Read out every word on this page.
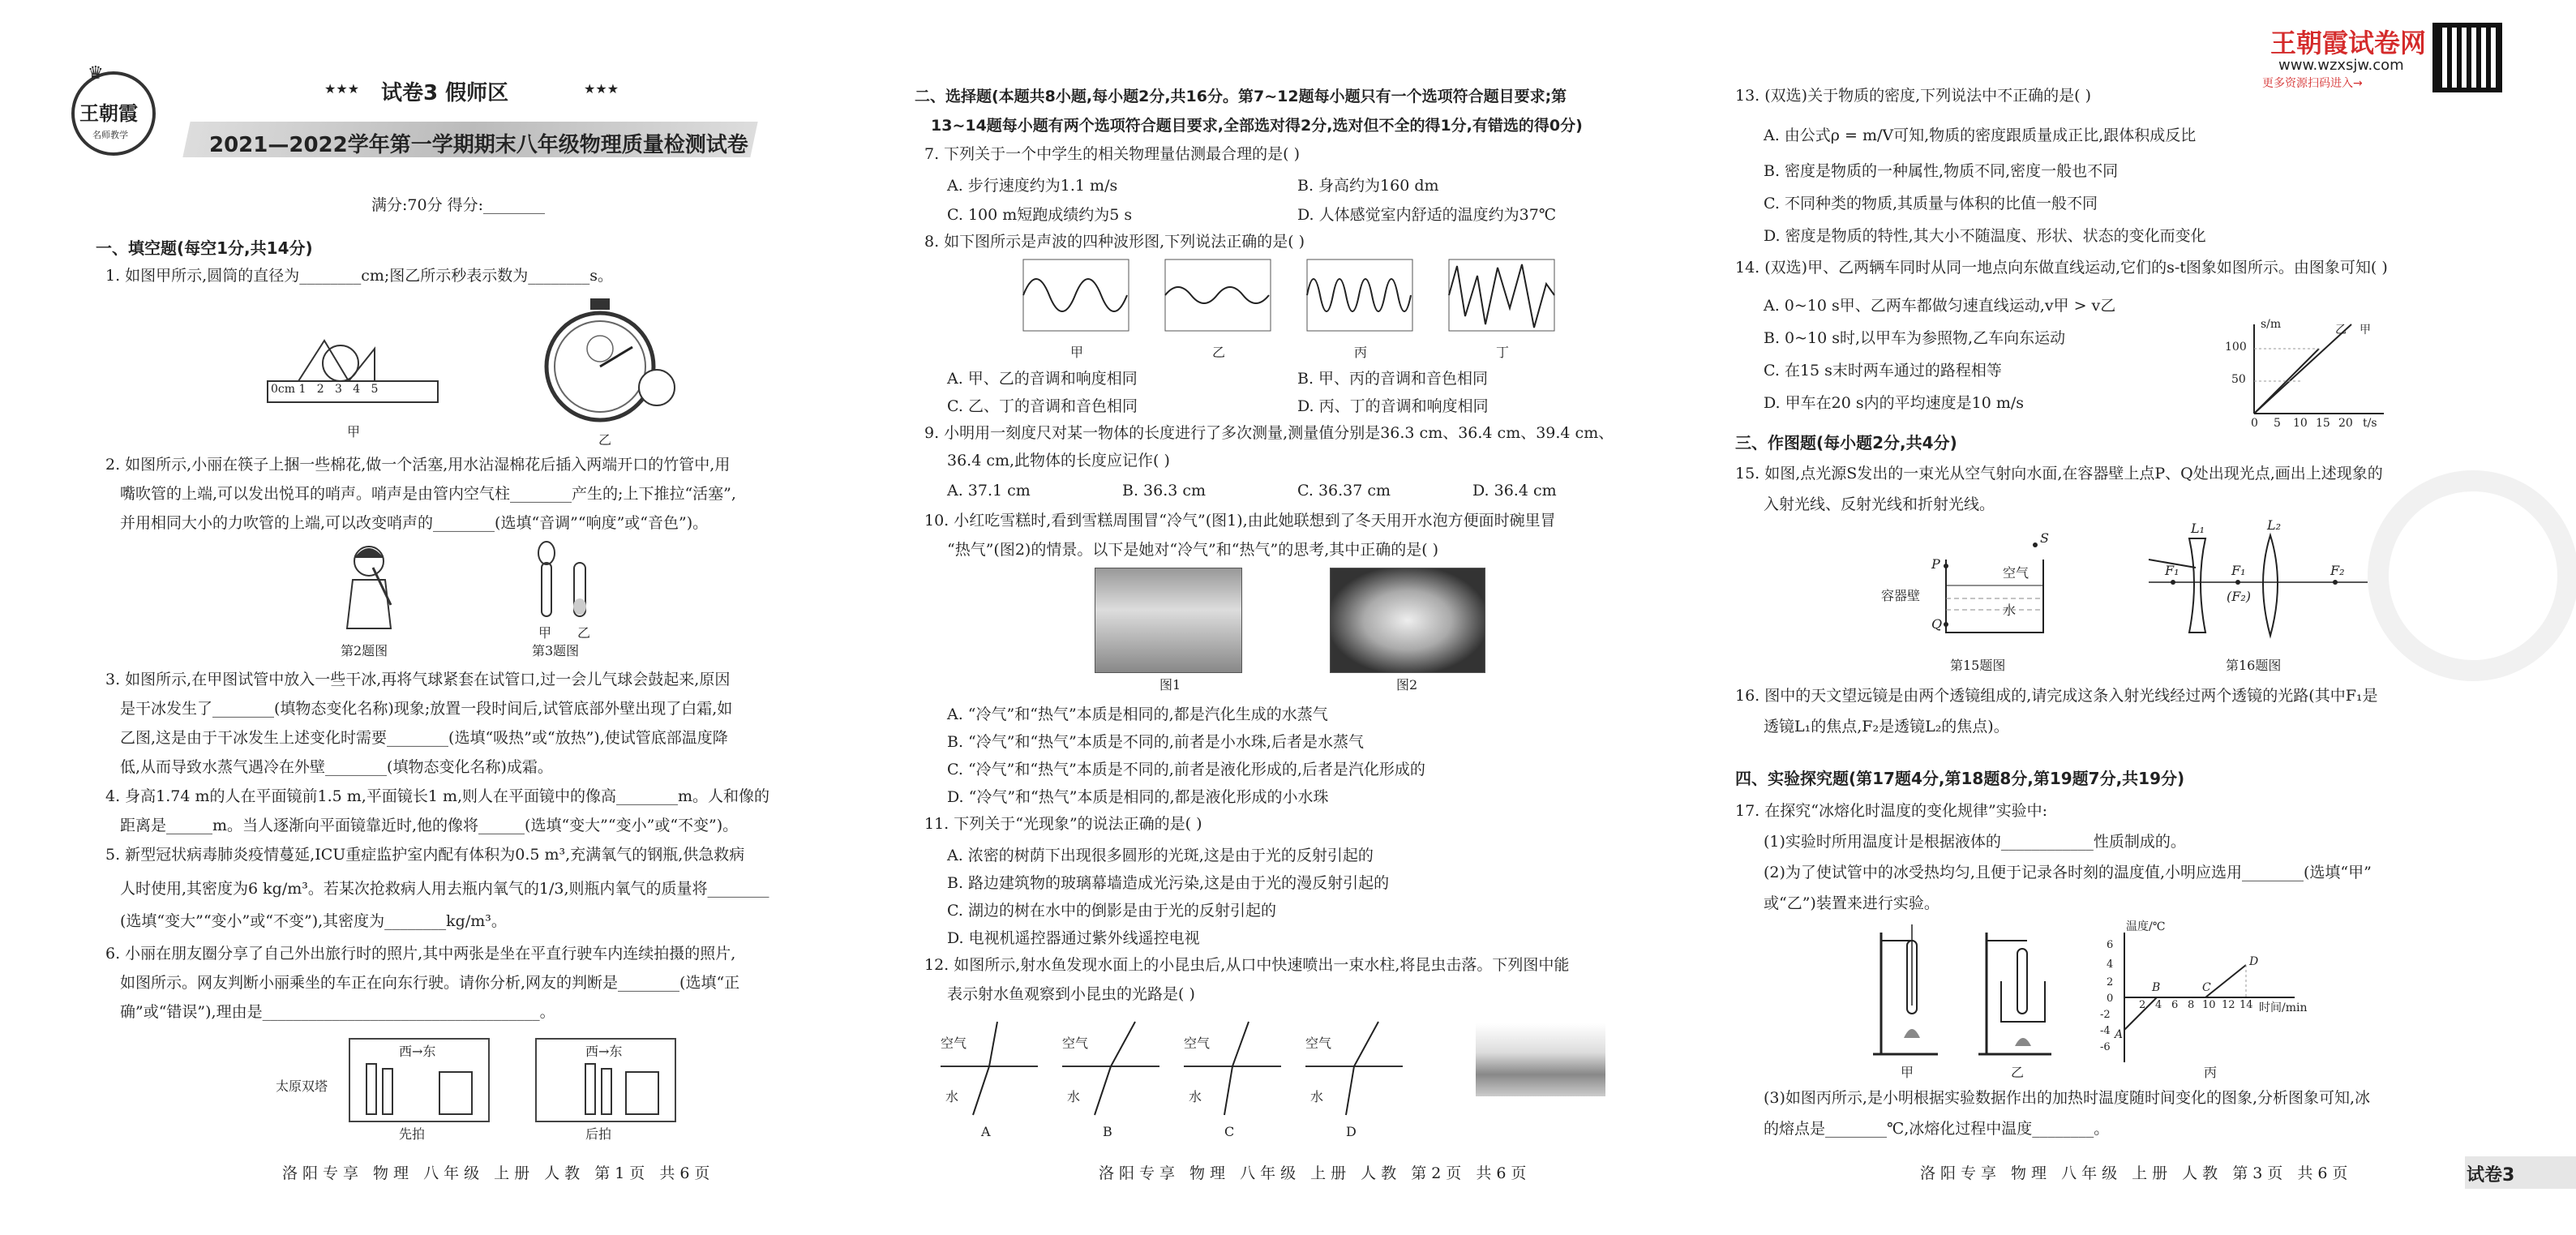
王朝霞
名师教学
♛
★★★ 试卷3 假师区	★★★
2021—2022学年第一学期期末八年级物理质量检测试卷
满分:70分 得分:________
一、填空题(每空1分,共14分)
1. 如图甲所示,圆筒的直径为________cm;图乙所示秒表示数为________s。
0cm 1   2   3   4   5
甲
乙
2. 如图所示,小丽在筷子上捆一些棉花,做一个活塞,用水沾湿棉花后插入两端开口的竹管中,用
嘴吹管的上端,可以发出悦耳的哨声。哨声是由管内空气柱________产生的;上下推拉“活塞”,
并用相同大小的力吹管的上端,可以改变哨声的________(选填“音调”“响度”或“音色”)。
第2题图
甲 乙
第3题图
3. 如图所示,在甲图试管中放入一些干冰,再将气球紧套在试管口,过一会儿气球会鼓起来,原因
是干冰发生了________(填物态变化名称)现象;放置一段时间后,试管底部外壁出现了白霜,如
乙图,这是由于干冰发生上述变化时需要________(选填“吸热”或“放热”),使试管底部温度降
低,从而导致水蒸气遇冷在外壁________(填物态变化名称)成霜。
4. 身高1.74 m的人在平面镜前1.5 m,平面镜长1 m,则人在平面镜中的像高________m。人和像的
距离是______m。当人逐渐向平面镜靠近时,他的像将______(选填“变大”“变小”或“不变”)。
5. 新型冠状病毒肺炎疫情蔓延,ICU重症监护室内配有体积为0.5 m³,充满氧气的钢瓶,供急救病
人时使用,其密度为6 kg/m³。若某次抢救病人用去瓶内氧气的1/3,则瓶内氧气的质量将________
(选填“变大”“变小”或“不变”),其密度为________kg/m³。
6. 小丽在朋友圈分享了自己外出旅行时的照片,其中两张是坐在平直行驶车内连续拍摄的照片,
如图所示。网友判断小丽乘坐的车正在向东行驶。请你分析,网友的判断是________(选填“正
确”或“错误”),理由是____________________________________。
太原双塔
西→东	西→东
先拍	后拍
洛阳专享 物理 八年级 上册 人教 第1页 共6页
二、选择题(本题共8小题,每小题2分,共16分。第7~12题每小题只有一个选项符合题目要求;第
13~14题每小题有两个选项符合题目要求,全部选对得2分,选对但不全的得1分,有错选的得0分)
7. 下列关于一个中学生的相关物理量估测最合理的是( )
A. 步行速度约为1.1 m/s	B. 身高约为160 dm
C. 100 m短跑成绩约为5 s	D. 人体感觉室内舒适的温度约为37℃
8. 如下图所示是声波的四种波形图,下列说法正确的是( )
甲	乙	丙	丁
A. 甲、乙的音调和响度相同	B. 甲、丙的音调和音色相同
C. 乙、丁的音调和音色相同	D. 丙、丁的音调和响度相同
9. 小明用一刻度尺对某一物体的长度进行了多次测量,测量值分别是36.3 cm、36.4 cm、39.4 cm、
36.4 cm,此物体的长度应记作( )
A. 37.1 cm	B. 36.3 cm	C. 36.37 cm	D. 36.4 cm
10. 小红吃雪糕时,看到雪糕周围冒“冷气”(图1),由此她联想到了冬天用开水泡方便面时碗里冒
“热气”(图2)的情景。以下是她对“冷气”和“热气”的思考,其中正确的是( )
图1	图2
A. “冷气”和“热气”本质是相同的,都是汽化生成的水蒸气
B. “冷气”和“热气”本质是不同的,前者是小水珠,后者是水蒸气
C. “冷气”和“热气”本质是不同的,前者是液化形成的,后者是汽化形成的
D. “冷气”和“热气”本质是相同的,都是液化形成的小水珠
11. 下列关于“光现象”的说法正确的是( )
A. 浓密的树荫下出现很多圆形的光斑,这是由于光的反射引起的
B. 路边建筑物的玻璃幕墙造成光污染,这是由于光的漫反射引起的
C. 湖边的树在水中的倒影是由于光的反射引起的
D. 电视机遥控器通过紫外线遥控电视
12. 如图所示,射水鱼发现水面上的小昆虫后,从口中快速喷出一束水柱,将昆虫击落。下列图中能
表示射水鱼观察到小昆虫的光路是( )
空气
水
空气
水
空气
水
空气
水
A	B	C	D
洛阳专享 物理 八年级 上册 人教 第2页 共6页
王朝霞试卷网
www.wzxsjw.com
更多资源扫码进入→
13. (双选)关于物质的密度,下列说法中不正确的是( )
A. 由公式ρ = m/V可知,物质的密度跟质量成正比,跟体积成反比
B. 密度是物质的一种属性,物质不同,密度一般也不同
C. 不同种类的物质,其质量与体积的比值一般不同
D. 密度是物质的特性,其大小不随温度、形状、状态的变化而变化
14. (双选)甲、乙两辆车同时从同一地点向东做直线运动,它们的s-t图象如图所示。由图象可知( )
A. 0~10 s甲、乙两车都做匀速直线运动,v甲 > v乙
B. 0~10 s时,以甲车为参照物,乙车向东运动
C. 在15 s末时两车通过的路程相等
D. 甲车在20 s内的平均速度是10 m/s
s/m
100
50
0 5 10 15 20 t/s
乙 甲
三、作图题(每小题2分,共4分)
15. 如图,点光源S发出的一束光从空气射向水面,在容器壁上点P、Q处出现光点,画出上述现象的
入射光线、反射光线和折射光线。
S
P
Q
容器壁
空气
水
第15题图
L₁	L₂
F₁	F₁	F₂
(F₂)
第16题图
16. 图中的天文望远镜是由两个透镜组成的,请完成这条入射光线经过两个透镜的光路(其中F₁是
透镜L₁的焦点,F₂是透镜L₂的焦点)。
四、实验探究题(第17题4分,第18题8分,第19题7分,共19分)
17. 在探究“冰熔化时温度的变化规律”实验中:
(1)实验时所用温度计是根据液体的____________性质制成的。
(2)为了使试管中的冰受热均匀,且便于记录各时刻的温度值,小明应选用________(选填“甲”
或“乙”)装置来进行实验。
甲	乙
温度/℃
时间/min
6
4
2
0
-2
-4
-6
2 4 6 8 10 12 14
A
B	C
D
丙
(3)如图丙所示,是小明根据实验数据作出的加热时温度随时间变化的图象,分析图象可知,冰
的熔点是________℃,冰熔化过程中温度________。
洛阳专享 物理 八年级 上册 人教 第3页 共6页	试卷3
